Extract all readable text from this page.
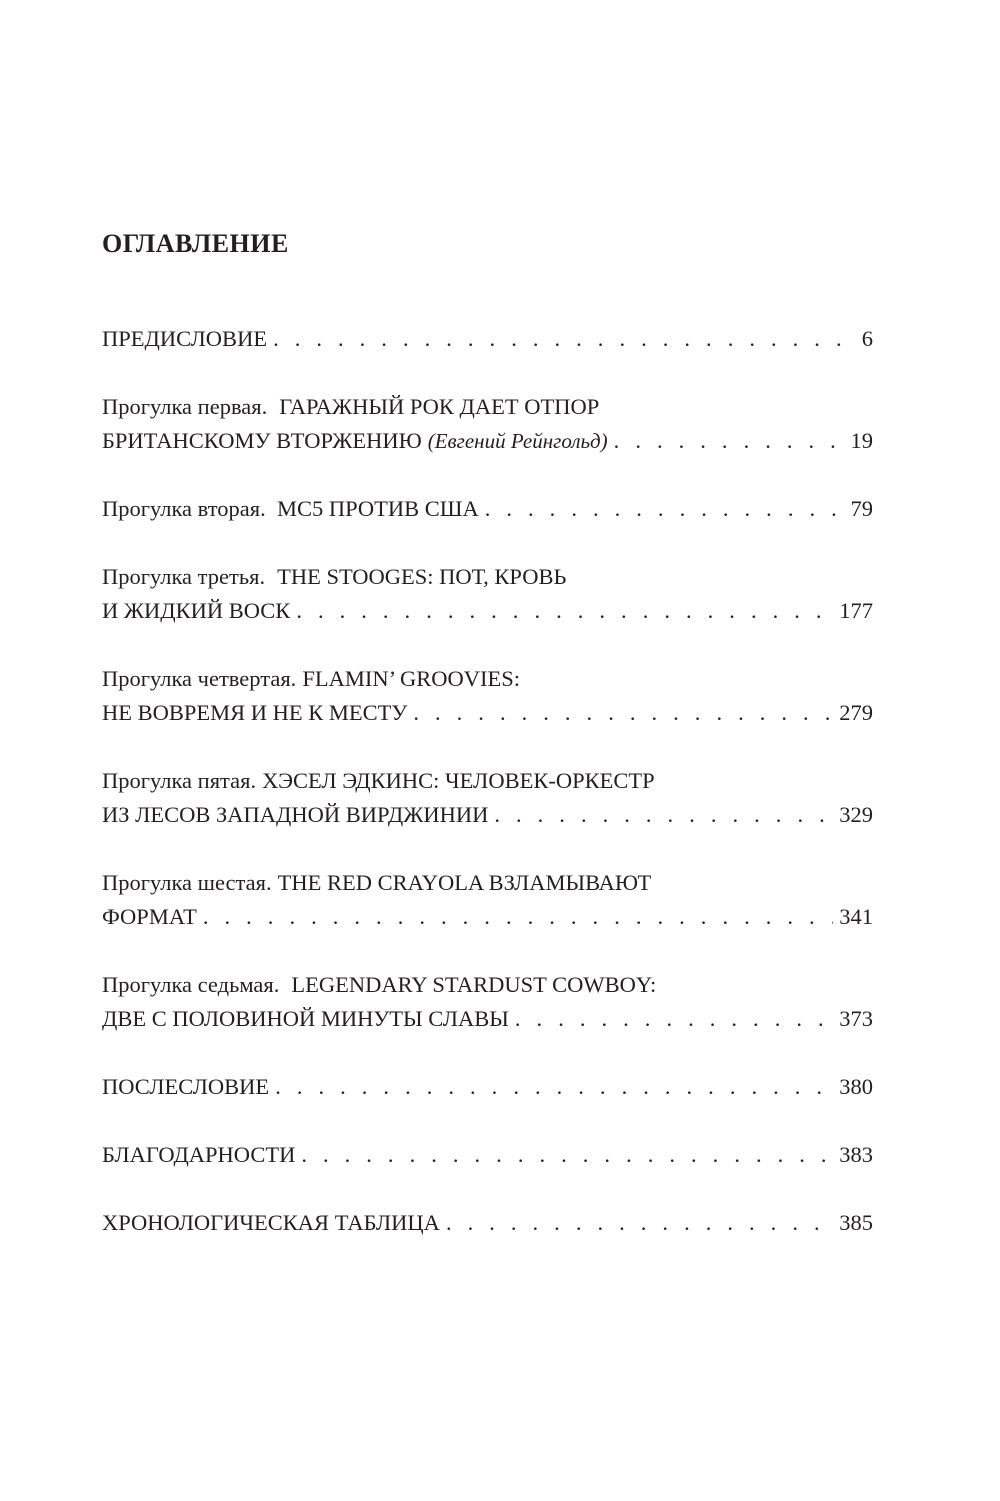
ОГЛАВЛЕНИЕ
ПРЕДИСЛОВИЕ . . .	6
Прогулка первая. ГАРАЖНЫЙ РОК ДАЕТ ОТПОР
БРИТАНСКОМУ ВТОРЖЕНИЮ (Евгений Рейнгольд) . . .	19
Прогулка вторая.  MC5 ПРОТИВ США . . .	79
Прогулка третья. THE STOOGES: ПОТ, КРОВЬ
И ЖИДКИЙ ВОСК . . .	177
Прогулка четвертая. FLAMIN’ GROOVIES:
НЕ ВОВРЕМЯ И НЕ К МЕСТУ . . .	279
Прогулка пятая. ХЭСЕЛ ЭДКИНС: ЧЕЛОВЕК-ОРКЕСТР
ИЗ ЛЕСОВ ЗАПАДНОЙ ВИРДЖИНИИ . . .	329
Прогулка шестая. THE RED CRAYOLA ВЗЛАМЫВАЮТ
ФОРМАТ . . .	341
Прогулка седьмая. LEGENDARY STARDUST COWBOY:
ДВЕ С ПОЛОВИНОЙ МИНУТЫ СЛАВЫ . . .	373
ПОСЛЕСЛОВИЕ . . .	380
БЛАГОДАРНОСТИ . . .	383
ХРОНОЛОГИЧЕСКАЯ ТАБЛИЦА . . .	385
